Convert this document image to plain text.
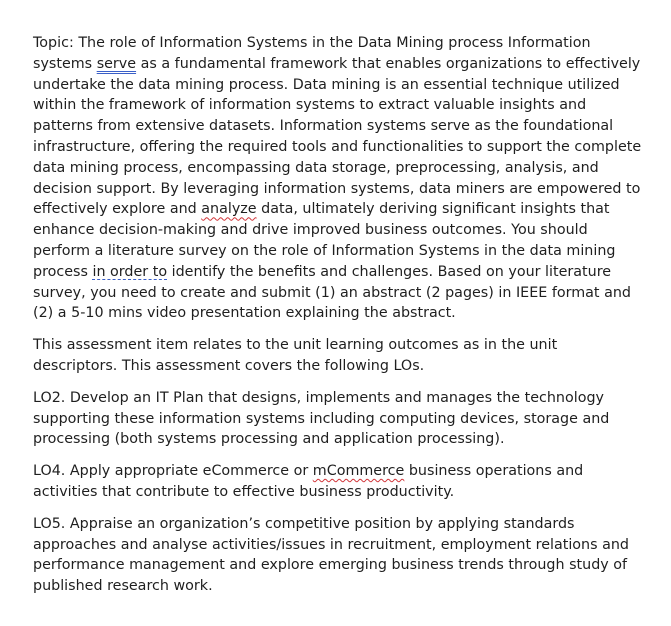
Topic: The role of Information Systems in the Data Mining process Information systems serve as a fundamental framework that enables organizations to effectively undertake the data mining process. Data mining is an essential technique utilized within the framework of information systems to extract valuable insights and patterns from extensive datasets. Information systems serve as the foundational infrastructure, offering the required tools and functionalities to support the complete data mining process, encompassing data storage, preprocessing, analysis, and decision support. By leveraging information systems, data miners are empowered to effectively explore and analyze data, ultimately deriving significant insights that enhance decision-making and drive improved business outcomes. You should perform a literature survey on the role of Information Systems in the data mining process in order to identify the benefits and challenges. Based on your literature survey, you need to create and submit (1) an abstract (2 pages) in IEEE format and (2) a 5-10 mins video presentation explaining the abstract.

This assessment item relates to the unit learning outcomes as in the unit descriptors. This assessment covers the following LOs.

LO2. Develop an IT Plan that designs, implements and manages the technology supporting these information systems including computing devices, storage and processing (both systems processing and application processing).

LO4. Apply appropriate eCommerce or mCommerce business operations and activities that contribute to effective business productivity.

LO5. Appraise an organization’s competitive position by applying standards approaches and analyse activities/issues in recruitment, employment relations and performance management and explore emerging business trends through study of published research work.
